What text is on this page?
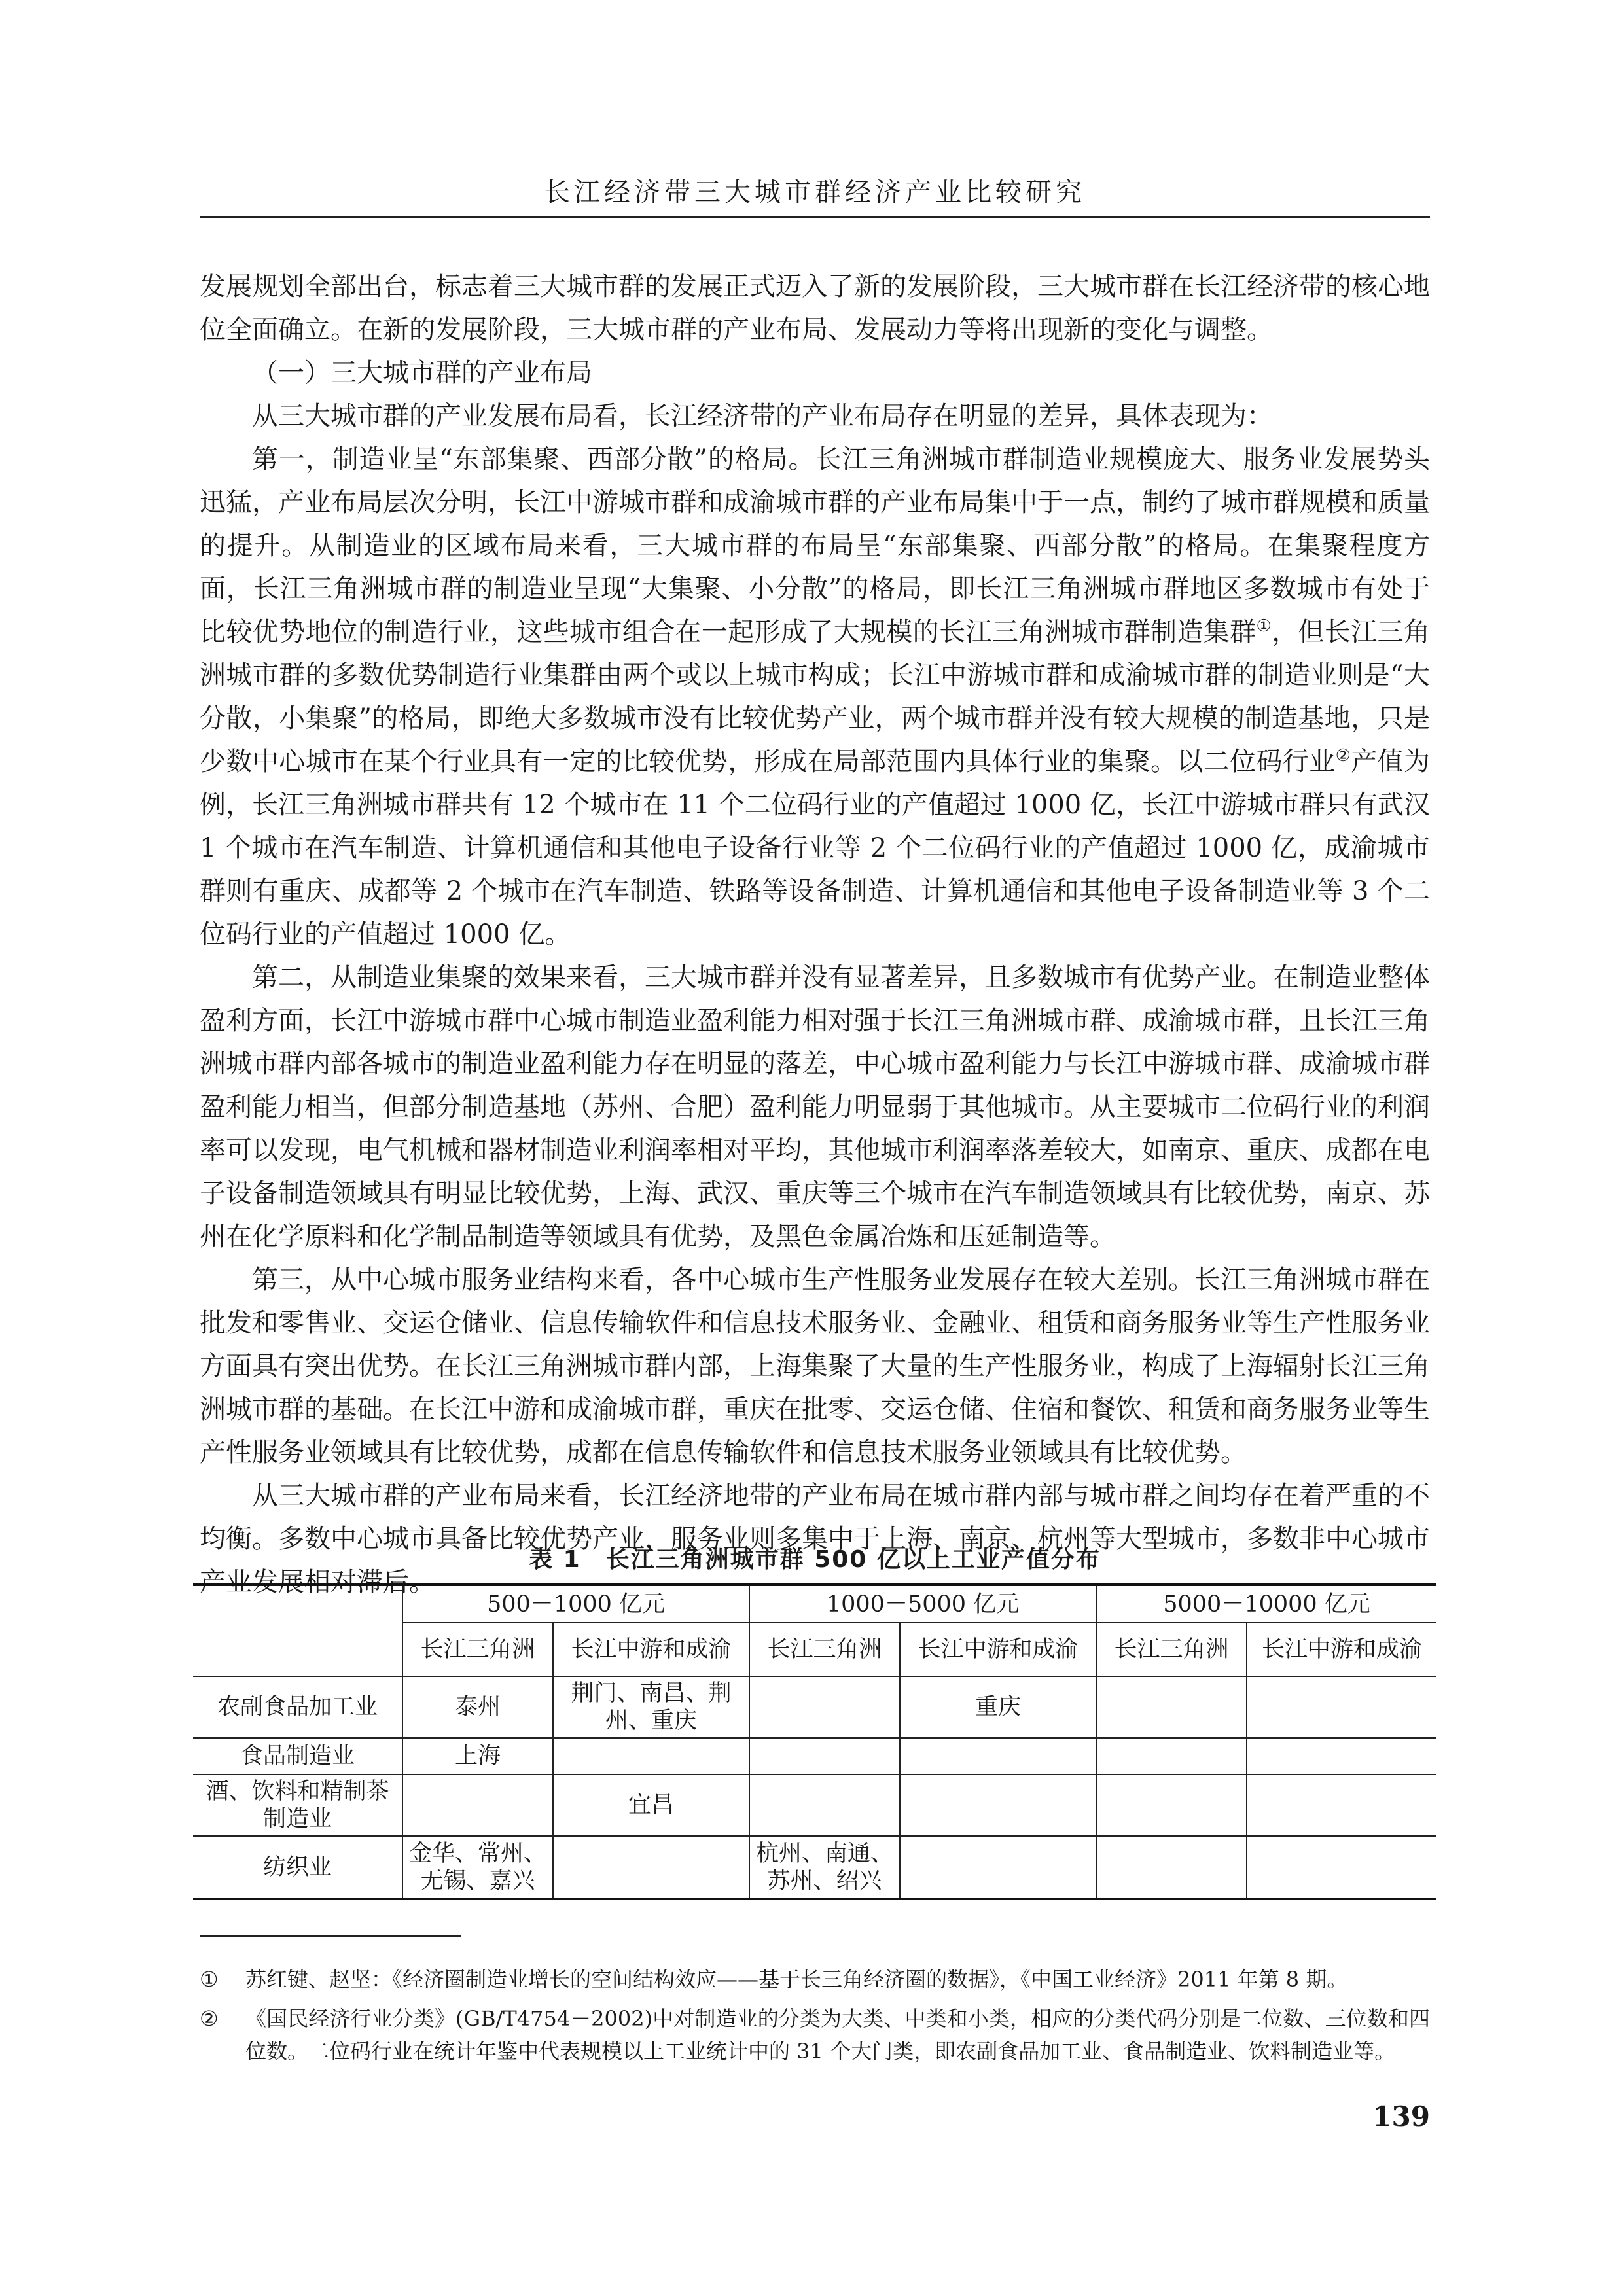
长江经济带三大城市群经济产业比较研究

发展规划全部出台，标志着三大城市群的发展正式迈入了新的发展阶段，三大城市群在长江经济带的核心地位全面确立。在新的发展阶段，三大城市群的产业布局、发展动力等将出现新的变化与调整。

（一）三大城市群的产业布局

从三大城市群的产业发展布局看，长江经济带的产业布局存在明显的差异，具体表现为：

第一，制造业呈“东部集聚、西部分散”的格局。长江三角洲城市群制造业规模庞大、服务业发展势头迅猛，产业布局层次分明，长江中游城市群和成渝城市群的产业布局集中于一点，制约了城市群规模和质量的提升。从制造业的区域布局来看，三大城市群的布局呈“东部集聚、西部分散”的格局。在集聚程度方面，长江三角洲城市群的制造业呈现“大集聚、小分散”的格局，即长江三角洲城市群地区多数城市有处于比较优势地位的制造行业，这些城市组合在一起形成了大规模的长江三角洲城市群制造集群①，但长江三角洲城市群的多数优势制造行业集群由两个或以上城市构成；长江中游城市群和成渝城市群的制造业则是“大分散，小集聚”的格局，即绝大多数城市没有比较优势产业，两个城市群并没有较大规模的制造基地，只是少数中心城市在某个行业具有一定的比较优势，形成在局部范围内具体行业的集聚。以二位码行业②产值为例，长江三角洲城市群共有 12 个城市在 11 个二位码行业的产值超过 1000 亿，长江中游城市群只有武汉 1 个城市在汽车制造、计算机通信和其他电子设备行业等 2 个二位码行业的产值超过 1000 亿，成渝城市群则有重庆、成都等 2 个城市在汽车制造、铁路等设备制造、计算机通信和其他电子设备制造业等 3 个二位码行业的产值超过 1000 亿。

第二，从制造业集聚的效果来看，三大城市群并没有显著差异，且多数城市有优势产业。在制造业整体盈利方面，长江中游城市群中心城市制造业盈利能力相对强于长江三角洲城市群、成渝城市群，且长江三角洲城市群内部各城市的制造业盈利能力存在明显的落差，中心城市盈利能力与长江中游城市群、成渝城市群盈利能力相当，但部分制造基地（苏州、合肥）盈利能力明显弱于其他城市。从主要城市二位码行业的利润率可以发现，电气机械和器材制造业利润率相对平均，其他城市利润率落差较大，如南京、重庆、成都在电子设备制造领域具有明显比较优势，上海、武汉、重庆等三个城市在汽车制造领域具有比较优势，南京、苏州在化学原料和化学制品制造等领域具有优势，及黑色金属冶炼和压延制造等。

第三，从中心城市服务业结构来看，各中心城市生产性服务业发展存在较大差别。长江三角洲城市群在批发和零售业、交运仓储业、信息传输软件和信息技术服务业、金融业、租赁和商务服务业等生产性服务业方面具有突出优势。在长江三角洲城市群内部，上海集聚了大量的生产性服务业，构成了上海辐射长江三角洲城市群的基础。在长江中游和成渝城市群，重庆在批零、交运仓储、住宿和餐饮、租赁和商务服务业等生产性服务业领域具有比较优势，成都在信息传输软件和信息技术服务业领域具有比较优势。

从三大城市群的产业布局来看，长江经济地带的产业布局在城市群内部与城市群之间均存在着严重的不均衡。多数中心城市具备比较优势产业，服务业则多集中于上海、南京、杭州等大型城市，多数非中心城市产业发展相对滞后。

表 1　长江三角洲城市群 500 亿以上工业产值分布
	500－1000 亿元		1000－5000 亿元		5000－10000 亿元	
	长江三角洲	长江中游和成渝	长江三角洲	长江中游和成渝	长江三角洲	长江中游和成渝
农副食品加工业	泰州	荆门、南昌、荆州、重庆		重庆		
食品制造业	上海					
酒、饮料和精制茶制造业		宜昌				
纺织业	金华、常州、无锡、嘉兴		杭州、南通、苏州、绍兴			
①	苏红键、赵坚：《经济圈制造业增长的空间结构效应——基于长三角经济圈的数据》，《中国工业经济》2011 年第 8 期。
②	《国民经济行业分类》(GB/T4754－2002)中对制造业的分类为大类、中类和小类，相应的分类代码分别是二位数、三位数和四位数。二位码行业在统计年鉴中代表规模以上工业统计中的 31 个大门类，即农副食品加工业、食品制造业、饮料制造业等。
139
